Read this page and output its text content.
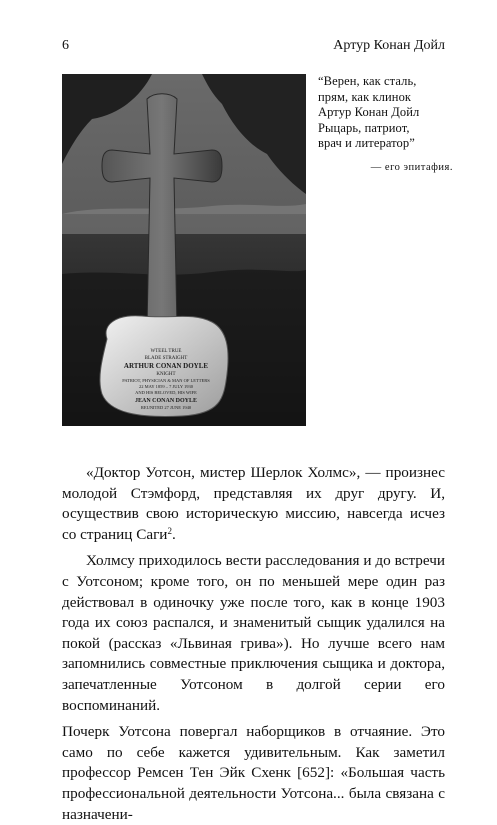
6	Артур Конан Дойл
WTEEL TRUE
BLADE STRAIGHT
ARTHUR CONAN DOYLE
KNIGHT
PATRIOT, PHYSICIAN & MAN OF LETTERS
22 MAY 1859 – 7 JULY 1930
AND HIS BELOVED, HIS WIFE
JEAN CONAN DOYLE
REUNITED 27 JUNE 1940
“Верен, как сталь,
прям, как клинок
Артур Конан Дойл
Рыцарь, патриот,
врач и литератор”
— его эпитафия.

«Доктор Уотсон, мистер Шерлок Холмс», — произнес молодой Стэмфорд, представляя их друг другу. И, осуществив свою историческую миссию, навсегда исчез со страниц Саги$^2$.

Холмсу приходилось вести расследования и до встречи с Уотсоном; кроме того, он по меньшей мере один раз действовал в одиночку уже после того, как в конце 1903 года их союз распался, и знаменитый сыщик удалился на покой (рассказ «Львиная грива»). Но лучше всего нам запомнились совместные приключения сыщика и доктора, запечатленные Уотсоном в долгой серии его воспоминаний.

Почерк Уотсона повергал наборщиков в отчаяние. Это само по себе кажется удивительным. Как заметил профессор Ремсен Тен Эйк Схенк [652]: «Большая часть профессиональной деятельности Уотсона... была связана с назначени-
